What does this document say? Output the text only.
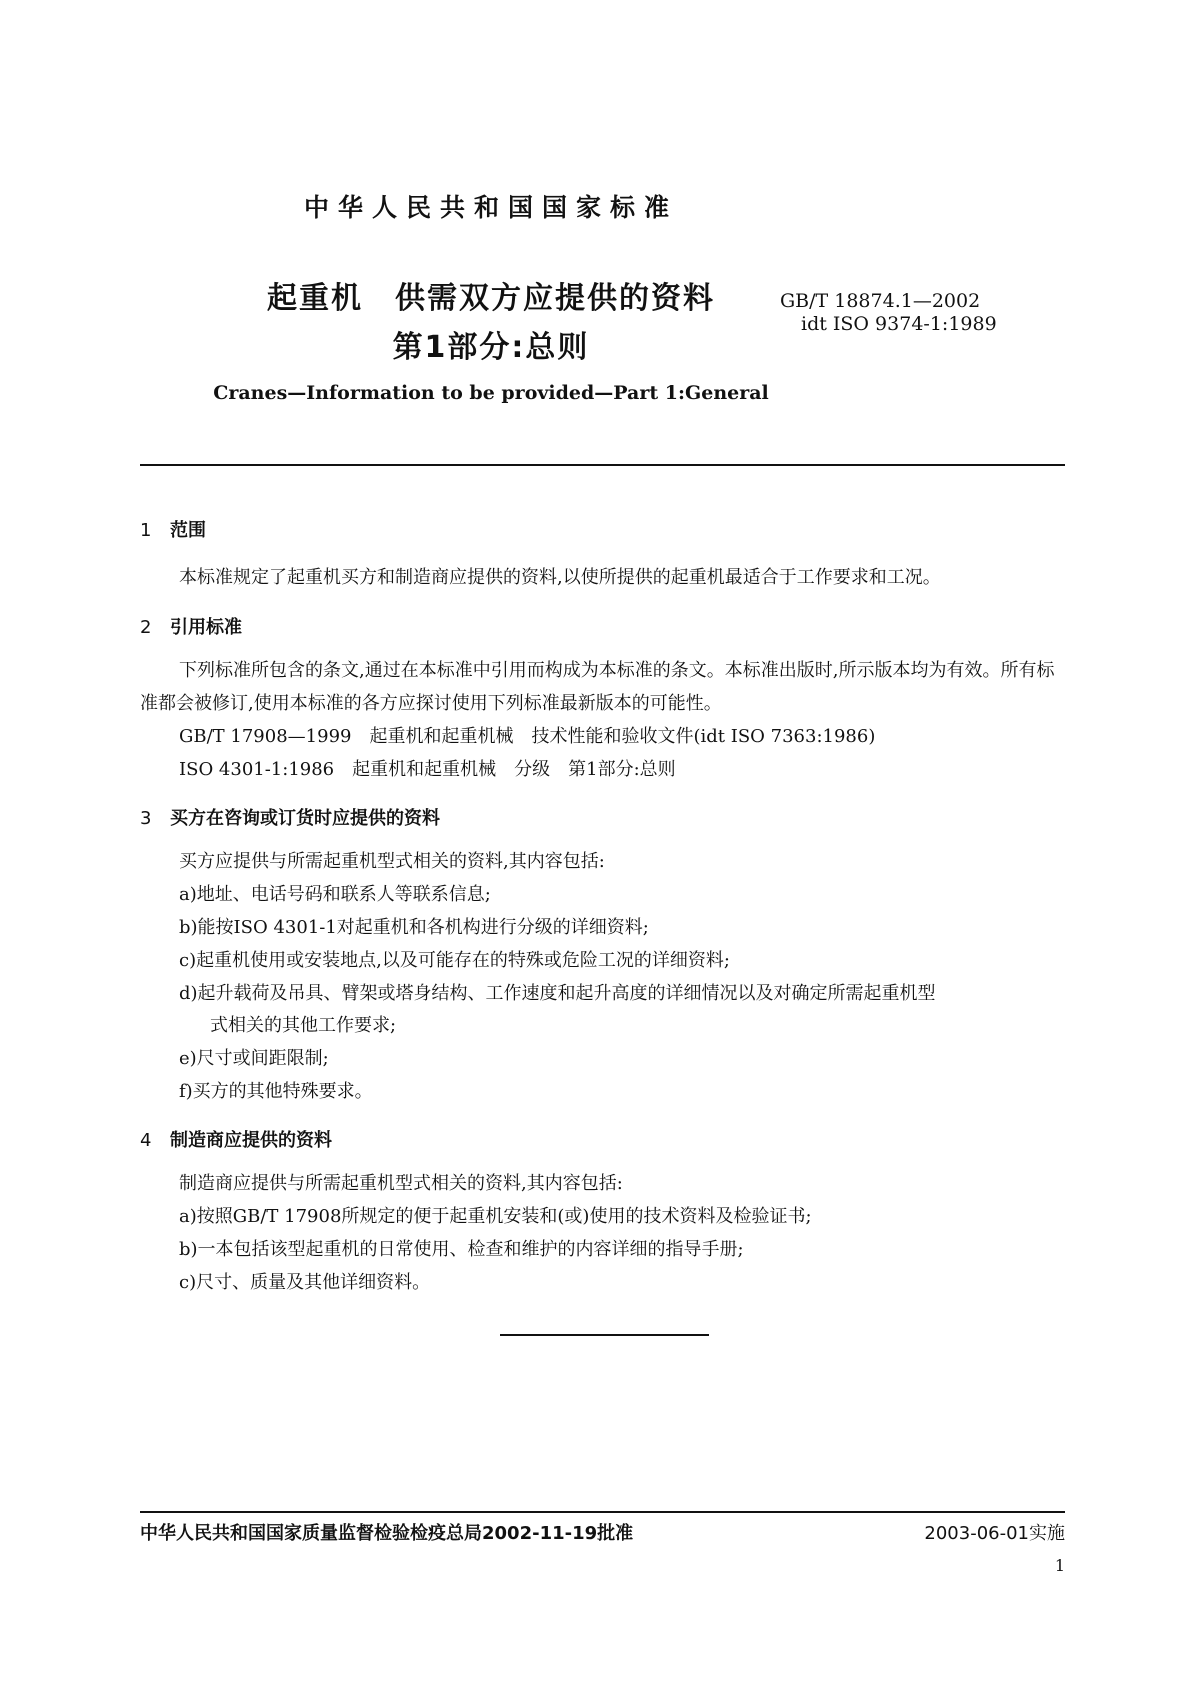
中华人民共和国国家标准
起重机　供需双方应提供的资料
第1部分:总则
GB/T 18874.1—2002
idt ISO 9374-1:1989
Cranes—Information to be provided—Part 1:General
1 范围
本标准规定了起重机买方和制造商应提供的资料,以使所提供的起重机最适合于工作要求和工况。
2 引用标准
下列标准所包含的条文,通过在本标准中引用而构成为本标准的条文。本标准出版时,所示版本均为有效。所有标准都会被修订,使用本标准的各方应探讨使用下列标准最新版本的可能性。
GB/T 17908—1999　起重机和起重机械　技术性能和验收文件(idt ISO 7363:1986)
ISO 4301-1:1986　起重机和起重机械　分级　第1部分:总则
3 买方在咨询或订货时应提供的资料
买方应提供与所需起重机型式相关的资料,其内容包括:
a)地址、电话号码和联系人等联系信息;
b)能按ISO 4301-1对起重机和各机构进行分级的详细资料;
c)起重机使用或安装地点,以及可能存在的特殊或危险工况的详细资料;
d)起升载荷及吊具、臂架或塔身结构、工作速度和起升高度的详细情况以及对确定所需起重机型
式相关的其他工作要求;
e)尺寸或间距限制;
f)买方的其他特殊要求。
4 制造商应提供的资料
制造商应提供与所需起重机型式相关的资料,其内容包括:
a)按照GB/T 17908所规定的便于起重机安装和(或)使用的技术资料及检验证书;
b)一本包括该型起重机的日常使用、检查和维护的内容详细的指导手册;
c)尺寸、质量及其他详细资料。
中华人民共和国国家质量监督检验检疫总局2002-11-19批准	2003-06-01实施
1
